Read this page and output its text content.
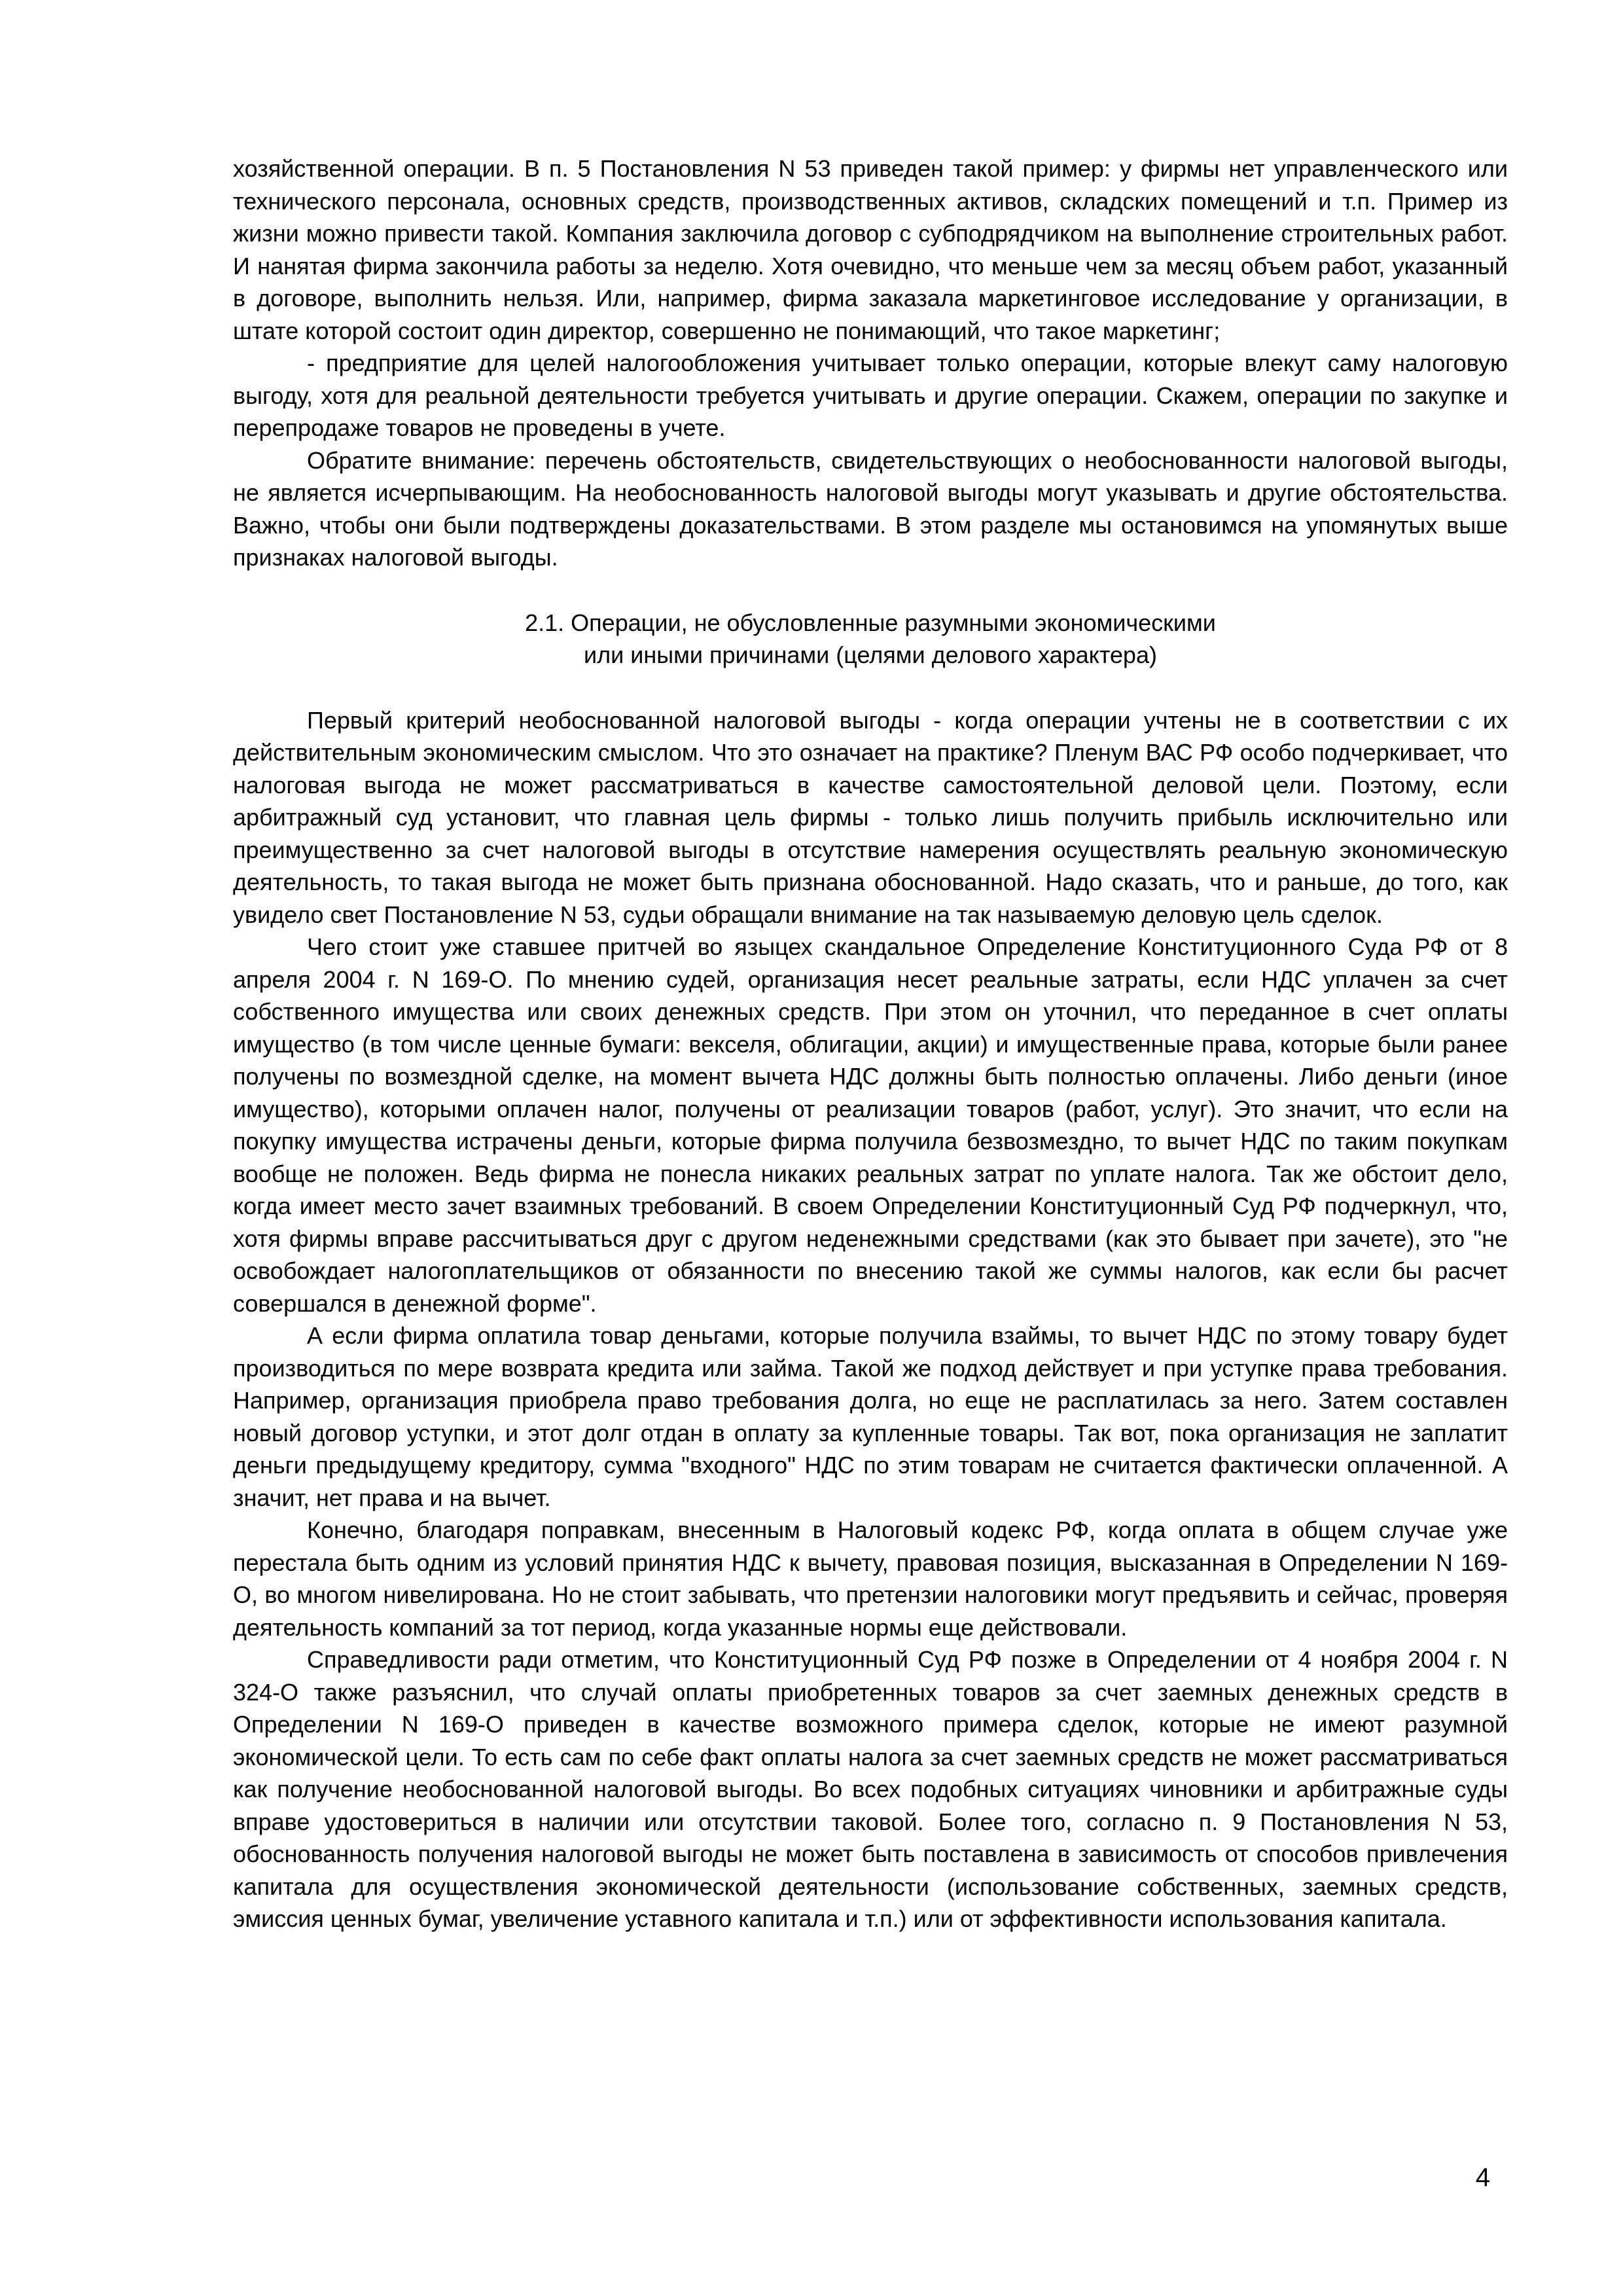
хозяйственной операции. В п. 5 Постановления N 53 приведен такой пример: у фирмы нет управленческого или технического персонала, основных средств, производственных активов, складских помещений и т.п. Пример из жизни можно привести такой. Компания заключила договор с субподрядчиком на выполнение строительных работ. И нанятая фирма закончила работы за неделю. Хотя очевидно, что меньше чем за месяц объем работ, указанный в договоре, выполнить нельзя. Или, например, фирма заказала маркетинговое исследование у организации, в штате которой состоит один директор, совершенно не понимающий, что такое маркетинг;

- предприятие для целей налогообложения учитывает только операции, которые влекут саму налоговую выгоду, хотя для реальной деятельности требуется учитывать и другие операции. Скажем, операции по закупке и перепродаже товаров не проведены в учете.

Обратите внимание: перечень обстоятельств, свидетельствующих о необоснованности налоговой выгоды, не является исчерпывающим. На необоснованность налоговой выгоды могут указывать и другие обстоятельства. Важно, чтобы они были подтверждены доказательствами. В этом разделе мы остановимся на упомянутых выше признаках налоговой выгоды.

2.1. Операции, не обусловленные разумными экономическими
или иными причинами (целями делового характера)

Первый критерий необоснованной налоговой выгоды - когда операции учтены не в соответствии с их действительным экономическим смыслом. Что это означает на практике? Пленум ВАС РФ особо подчеркивает, что налоговая выгода не может рассматриваться в качестве самостоятельной деловой цели. Поэтому, если арбитражный суд установит, что главная цель фирмы - только лишь получить прибыль исключительно или преимущественно за счет налоговой выгоды в отсутствие намерения осуществлять реальную экономическую деятельность, то такая выгода не может быть признана обоснованной. Надо сказать, что и раньше, до того, как увидело свет Постановление N 53, судьи обращали внимание на так называемую деловую цель сделок.

Чего стоит уже ставшее притчей во языцех скандальное Определение Конституционного Суда РФ от 8 апреля 2004 г. N 169-О. По мнению судей, организация несет реальные затраты, если НДС уплачен за счет собственного имущества или своих денежных средств. При этом он уточнил, что переданное в счет оплаты имущество (в том числе ценные бумаги: векселя, облигации, акции) и имущественные права, которые были ранее получены по возмездной сделке, на момент вычета НДС должны быть полностью оплачены. Либо деньги (иное имущество), которыми оплачен налог, получены от реализации товаров (работ, услуг). Это значит, что если на покупку имущества истрачены деньги, которые фирма получила безвозмездно, то вычет НДС по таким покупкам вообще не положен. Ведь фирма не понесла никаких реальных затрат по уплате налога. Так же обстоит дело, когда имеет место зачет взаимных требований. В своем Определении Конституционный Суд РФ подчеркнул, что, хотя фирмы вправе рассчитываться друг с другом неденежными средствами (как это бывает при зачете), это "не освобождает налогоплательщиков от обязанности по внесению такой же суммы налогов, как если бы расчет совершался в денежной форме".

А если фирма оплатила товар деньгами, которые получила взаймы, то вычет НДС по этому товару будет производиться по мере возврата кредита или займа. Такой же подход действует и при уступке права требования. Например, организация приобрела право требования долга, но еще не расплатилась за него. Затем составлен новый договор уступки, и этот долг отдан в оплату за купленные товары. Так вот, пока организация не заплатит деньги предыдущему кредитору, сумма "входного" НДС по этим товарам не считается фактически оплаченной. А значит, нет права и на вычет.

Конечно, благодаря поправкам, внесенным в Налоговый кодекс РФ, когда оплата в общем случае уже перестала быть одним из условий принятия НДС к вычету, правовая позиция, высказанная в Определении N 169-О, во многом нивелирована. Но не стоит забывать, что претензии налоговики могут предъявить и сейчас, проверяя деятельность компаний за тот период, когда указанные нормы еще действовали.

Справедливости ради отметим, что Конституционный Суд РФ позже в Определении от 4 ноября 2004 г. N 324-О также разъяснил, что случай оплаты приобретенных товаров за счет заемных денежных средств в Определении N 169-О приведен в качестве возможного примера сделок, которые не имеют разумной экономической цели. То есть сам по себе факт оплаты налога за счет заемных средств не может рассматриваться как получение необоснованной налоговой выгоды. Во всех подобных ситуациях чиновники и арбитражные суды вправе удостовериться в наличии или отсутствии таковой. Более того, согласно п. 9 Постановления N 53, обоснованность получения налоговой выгоды не может быть поставлена в зависимость от способов привлечения капитала для осуществления экономической деятельности (использование собственных, заемных средств, эмиссия ценных бумаг, увеличение уставного капитала и т.п.) или от эффективности использования капитала.

4
